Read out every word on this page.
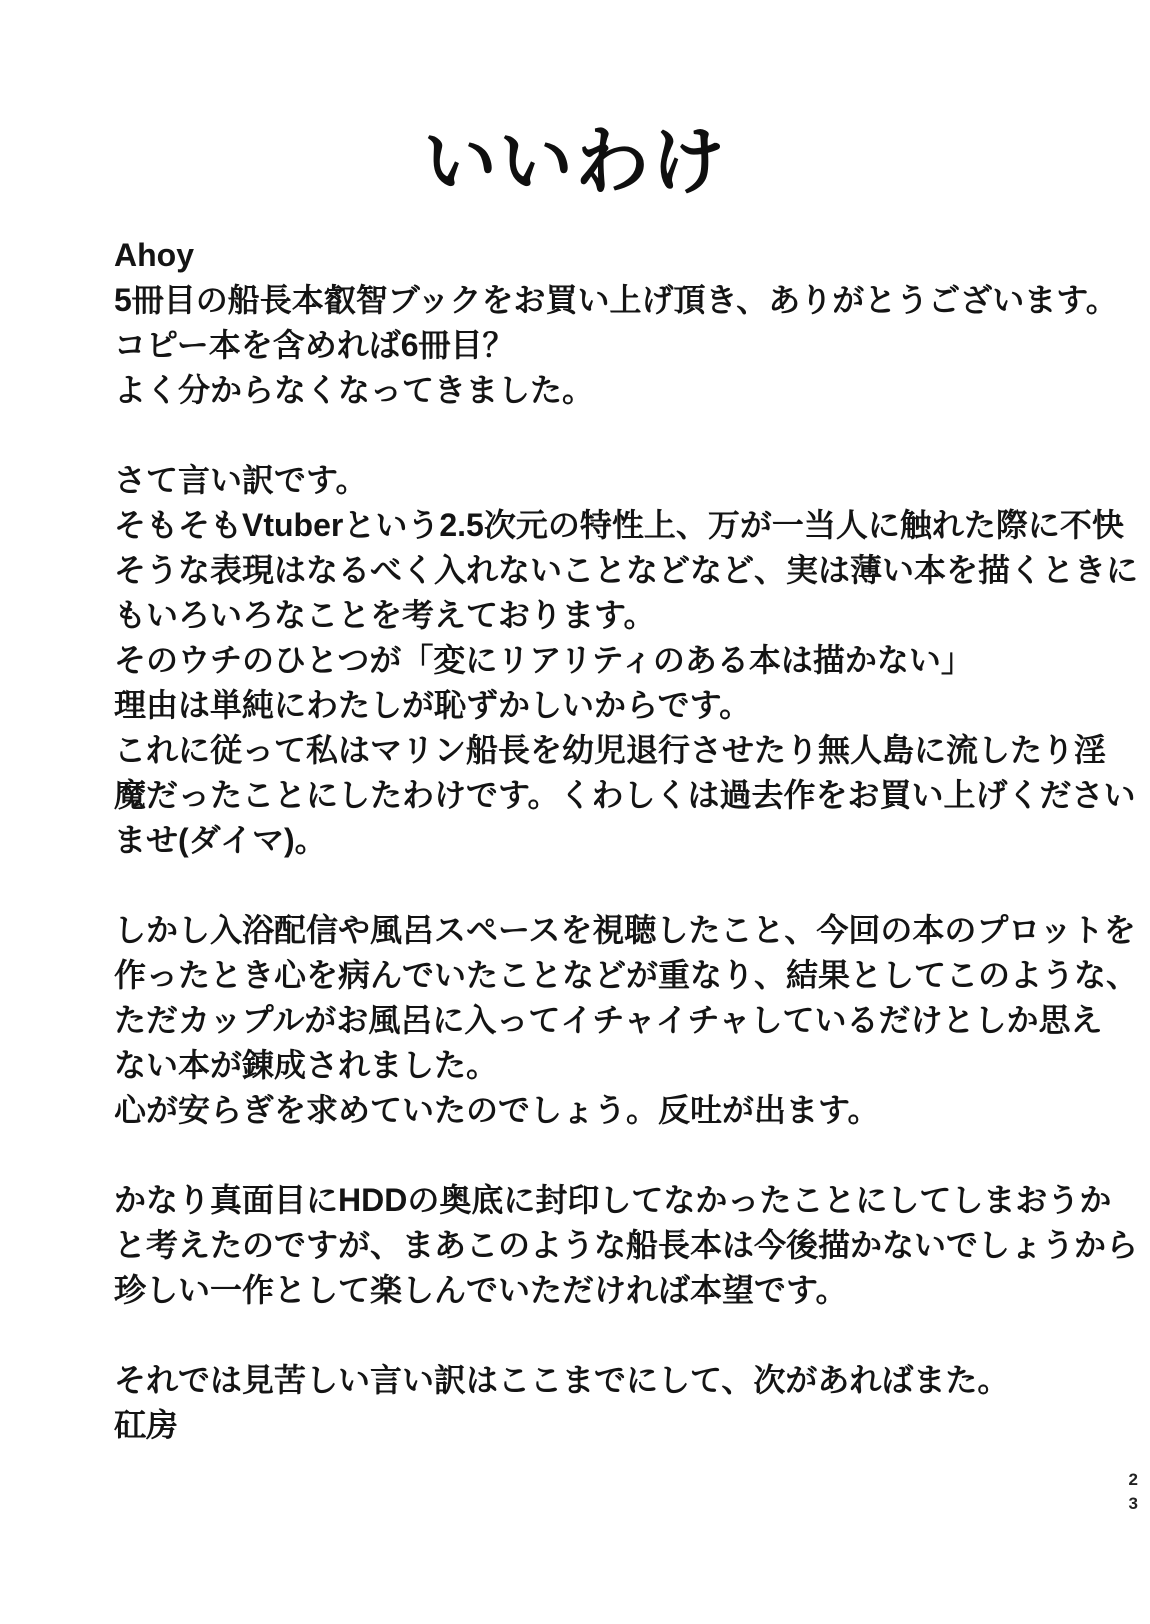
いいわけ
Ahoy
5冊目の船長本叡智ブックをお買い上げ頂き、ありがとうございます。
コピー本を含めれば6冊目？
よく分からなくなってきました。
さて言い訳です。
そもそもVtuberという2.5次元の特性上、万が一当人に触れた際に不快
そうな表現はなるべく入れないことなどなど、実は薄い本を描くときに
もいろいろなことを考えております。
そのウチのひとつが「変にリアリティのある本は描かない」
理由は単純にわたしが恥ずかしいからです。
これに従って私はマリン船長を幼児退行させたり無人島に流したり淫
魔だったことにしたわけです。くわしくは過去作をお買い上げください
ませ(ダイマ)。
しかし入浴配信や風呂スペースを視聴したこと、今回の本のプロットを
作ったとき心を病んでいたことなどが重なり、結果としてこのような、
ただカップルがお風呂に入ってイチャイチャしているだけとしか思え
ない本が錬成されました。
心が安らぎを求めていたのでしょう。反吐が出ます。
かなり真面目にHDDの奥底に封印してなかったことにしてしまおうか
と考えたのですが、まあこのような船長本は今後描かないでしょうから
珍しい一作として楽しんでいただければ本望です。
それでは見苦しい言い訳はここまでにして、次があればまた。
矼房
2
3
